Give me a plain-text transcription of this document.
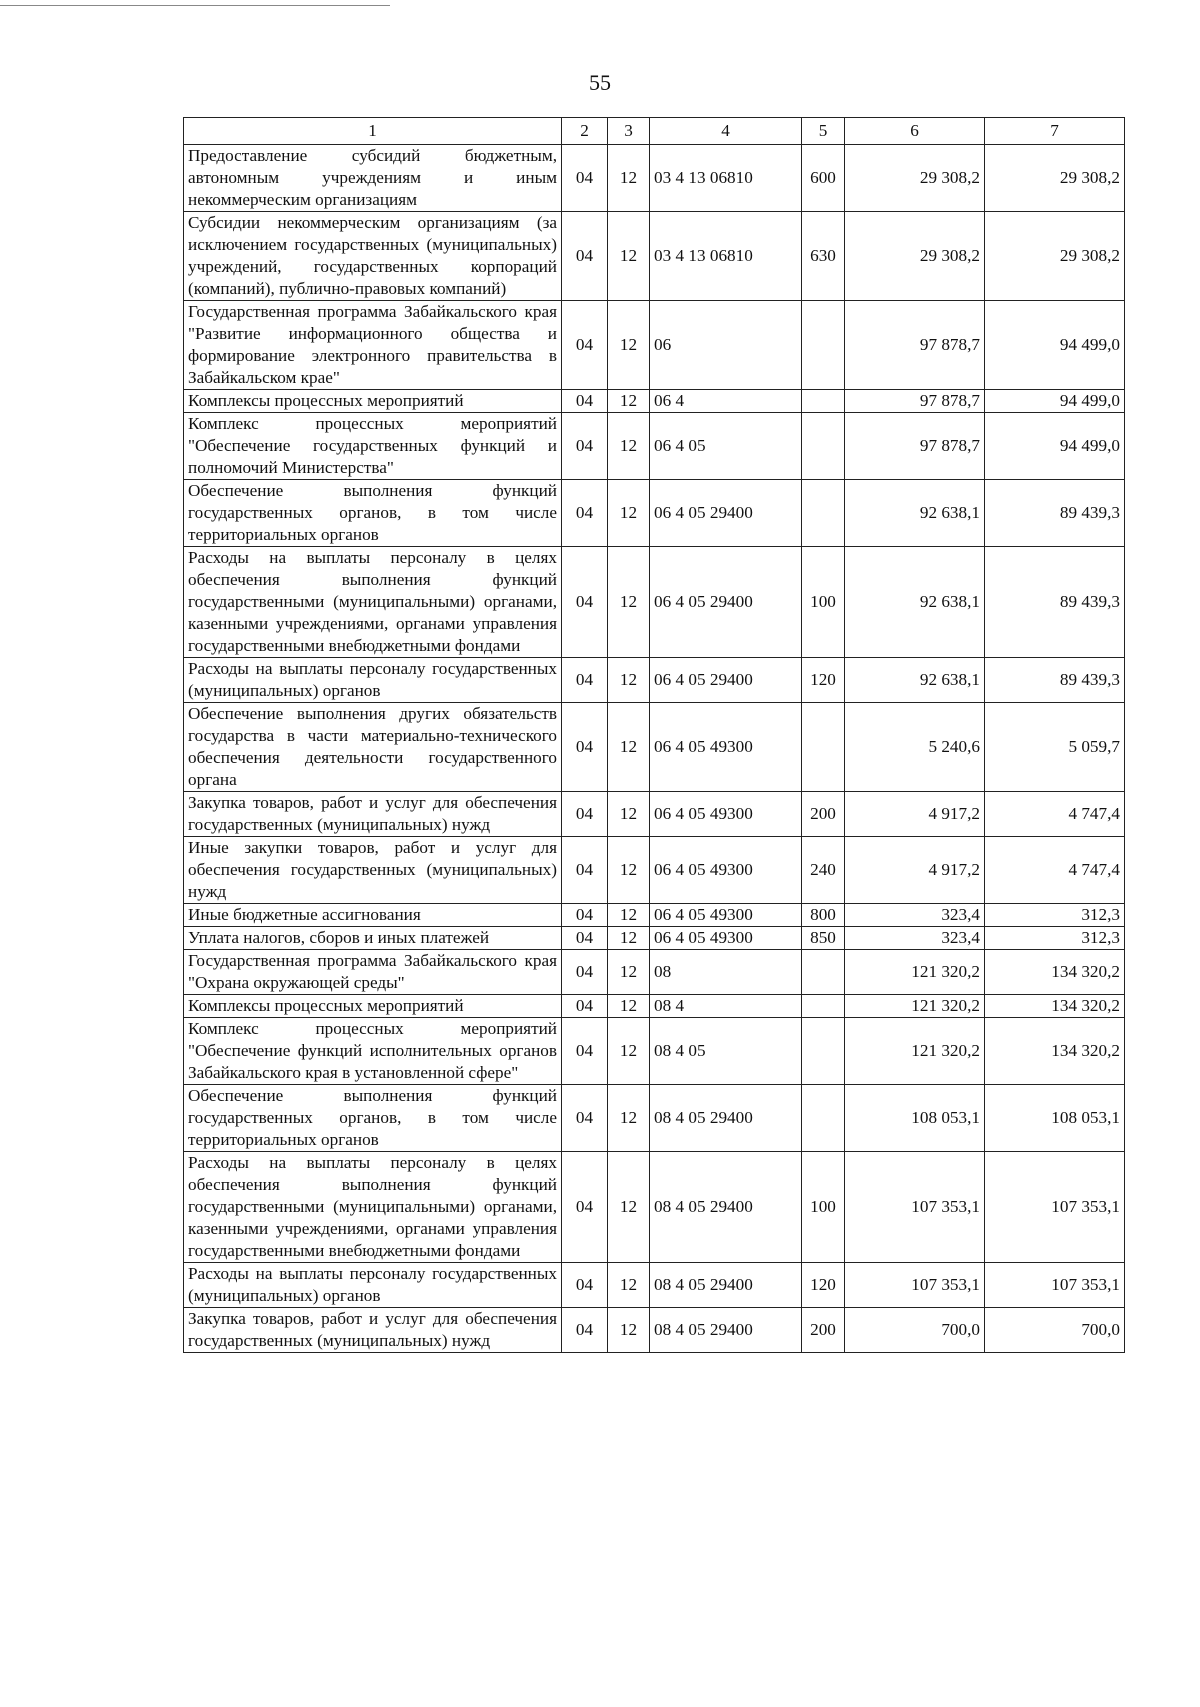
55
1	2	3	4	5	6	7
Предоставление субсидий бюджетным, автономным учреждениям и иным некоммерческим организациям	04	12	03 4 13 06810	600	29 308,2	29 308,2
Субсидии некоммерческим организациям (за исключением государственных (муниципальных) учреждений, государственных корпораций (компаний), публично-правовых компаний)	04	12	03 4 13 06810	630	29 308,2	29 308,2
Государственная программа Забайкальского края "Развитие информационного общества и формирование электронного правительства в Забайкальском крае"	04	12	06		97 878,7	94 499,0
Комплексы процессных мероприятий	04	12	06 4		97 878,7	94 499,0
Комплекс процессных мероприятий "Обеспечение государственных функций и полномочий Министерства"	04	12	06 4 05		97 878,7	94 499,0
Обеспечение выполнения функций государственных органов, в том числе территориальных органов	04	12	06 4 05 29400		92 638,1	89 439,3
Расходы на выплаты персоналу в целях обеспечения выполнения функций государственными (муниципальными) органами, казенными учреждениями, органами управления государственными внебюджетными фондами	04	12	06 4 05 29400	100	92 638,1	89 439,3
Расходы на выплаты персоналу государственных (муниципальных) органов	04	12	06 4 05 29400	120	92 638,1	89 439,3
Обеспечение выполнения других обязательств государства в части материально-технического обеспечения деятельности государственного органа	04	12	06 4 05 49300		5 240,6	5 059,7
Закупка товаров, работ и услуг для обеспечения государственных (муниципальных) нужд	04	12	06 4 05 49300	200	4 917,2	4 747,4
Иные закупки товаров, работ и услуг для обеспечения государственных (муниципальных) нужд	04	12	06 4 05 49300	240	4 917,2	4 747,4
Иные бюджетные ассигнования	04	12	06 4 05 49300	800	323,4	312,3
Уплата налогов, сборов и иных платежей	04	12	06 4 05 49300	850	323,4	312,3
Государственная программа Забайкальского края "Охрана окружающей среды"	04	12	08		121 320,2	134 320,2
Комплексы процессных мероприятий	04	12	08 4		121 320,2	134 320,2
Комплекс процессных мероприятий "Обеспечение функций исполнительных органов Забайкальского края в установленной сфере"	04	12	08 4 05		121 320,2	134 320,2
Обеспечение выполнения функций государственных органов, в том числе территориальных органов	04	12	08 4 05 29400		108 053,1	108 053,1
Расходы на выплаты персоналу в целях обеспечения выполнения функций государственными (муниципальными) органами, казенными учреждениями, органами управления государственными внебюджетными фондами	04	12	08 4 05 29400	100	107 353,1	107 353,1
Расходы на выплаты персоналу государственных (муниципальных) органов	04	12	08 4 05 29400	120	107 353,1	107 353,1
Закупка товаров, работ и услуг для обеспечения государственных (муниципальных) нужд	04	12	08 4 05 29400	200	700,0	700,0
